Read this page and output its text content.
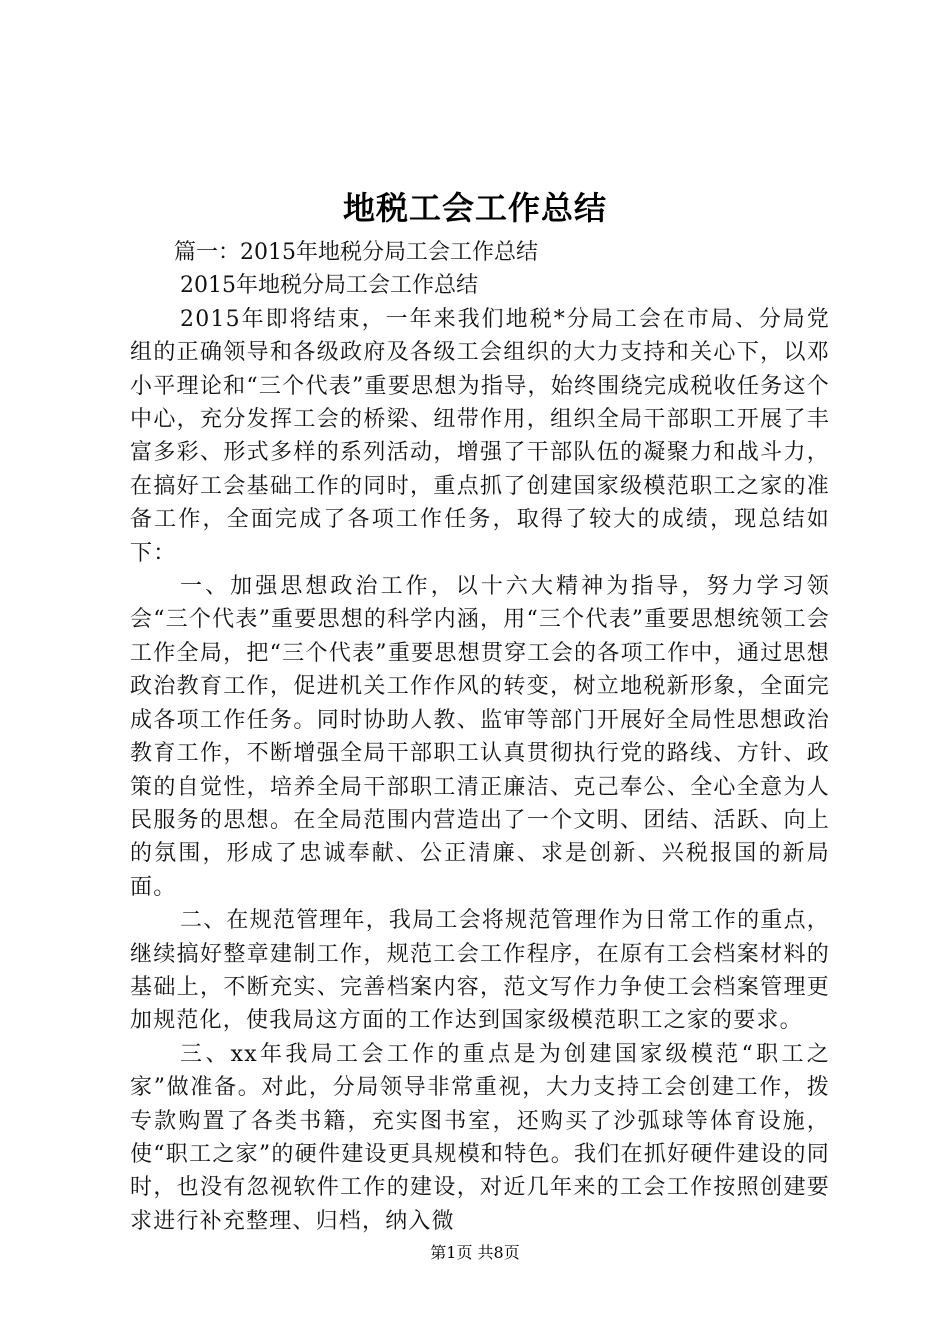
地税工会工作总结

篇一：2015年地税分局工会工作总结

2015年地税分局工会工作总结

2015年即将结束，一年来我们地税*分局工会在市局、分局党组的正确领导和各级政府及各级工会组织的大力支持和关心下，以邓小平理论和“三个代表”重要思想为指导，始终围绕完成税收任务这个中心，充分发挥工会的桥梁、纽带作用，组织全局干部职工开展了丰富多彩、形式多样的系列活动，增强了干部队伍的凝聚力和战斗力，在搞好工会基础工作的同时，重点抓了创建国家级模范职工之家的准备工作，全面完成了各项工作任务，取得了较大的成绩，现总结如下：

一、加强思想政治工作，以十六大精神为指导，努力学习领会“三个代表”重要思想的科学内涵，用“三个代表”重要思想统领工会工作全局，把“三个代表”重要思想贯穿工会的各项工作中，通过思想政治教育工作，促进机关工作作风的转变，树立地税新形象，全面完成各项工作任务。同时协助人教、监审等部门开展好全局性思想政治教育工作，不断增强全局干部职工认真贯彻执行党的路线、方针、政策的自觉性，培养全局干部职工清正廉洁、克己奉公、全心全意为人民服务的思想。在全局范围内营造出了一个文明、团结、活跃、向上的氛围，形成了忠诚奉献、公正清廉、求是创新、兴税报国的新局面。

二、在规范管理年，我局工会将规范管理作为日常工作的重点，继续搞好整章建制工作，规范工会工作程序，在原有工会档案材料的基础上，不断充实、完善档案内容，范文写作力争使工会档案管理更加规范化，使我局这方面的工作达到国家级模范职工之家的要求。

三、xx年我局工会工作的重点是为创建国家级模范“职工之家”做准备。对此，分局领导非常重视，大力支持工会创建工作，拨专款购置了各类书籍，充实图书室，还购买了沙弧球等体育设施，使“职工之家”的硬件建设更具规模和特色。我们在抓好硬件建设的同时，也没有忽视软件工作的建设，对近几年来的工会工作按照创建要求进行补充整理、归档，纳入微

第1页 共8页
